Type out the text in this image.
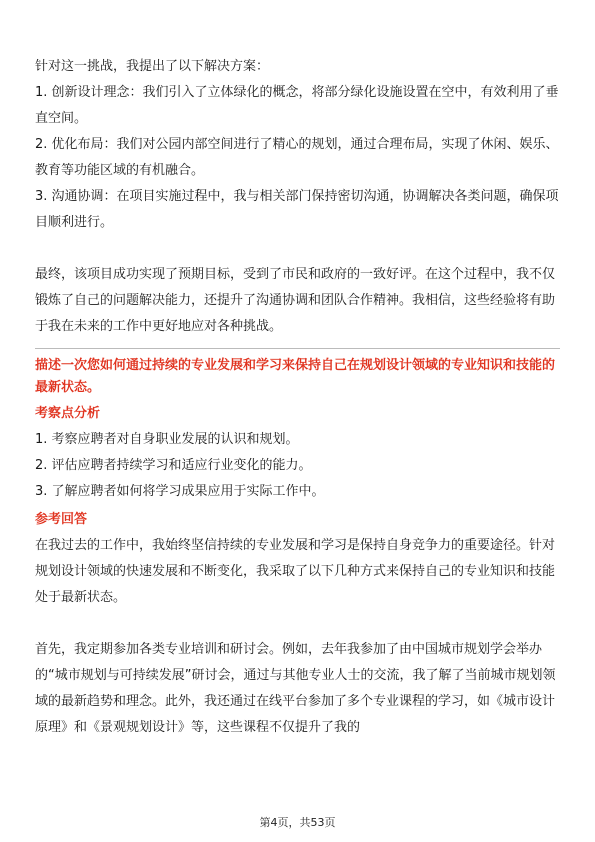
针对这一挑战，我提出了以下解决方案：

1. 创新设计理念：我们引入了立体绿化的概念，将部分绿化设施设置在空中，有效利用了垂直空间。

2. 优化布局：我们对公园内部空间进行了精心的规划，通过合理布局，实现了休闲、娱乐、教育等功能区域的有机融合。

3. 沟通协调：在项目实施过程中，我与相关部门保持密切沟通，协调解决各类问题，确保项目顺利进行。

最终，该项目成功实现了预期目标，受到了市民和政府的一致好评。在这个过程中，我不仅锻炼了自己的问题解决能力，还提升了沟通协调和团队合作精神。我相信，这些经验将有助于我在未来的工作中更好地应对各种挑战。

描述一次您如何通过持续的专业发展和学习来保持自己在规划设计领域的专业知识和技能的最新状态。

考察点分析

1. 考察应聘者对自身职业发展的认识和规划。

2. 评估应聘者持续学习和适应行业变化的能力。

3. 了解应聘者如何将学习成果应用于实际工作中。

参考回答

在我过去的工作中，我始终坚信持续的专业发展和学习是保持自身竞争力的重要途径。针对规划设计领域的快速发展和不断变化，我采取了以下几种方式来保持自己的专业知识和技能处于最新状态。

首先，我定期参加各类专业培训和研讨会。例如，去年我参加了由中国城市规划学会举办的“城市规划与可持续发展”研讨会，通过与其他专业人士的交流，我了解了当前城市规划领域的最新趋势和理念。此外，我还通过在线平台参加了多个专业课程的学习，如《城市设计原理》和《景观规划设计》等，这些课程不仅提升了我的

第4页，共53页
